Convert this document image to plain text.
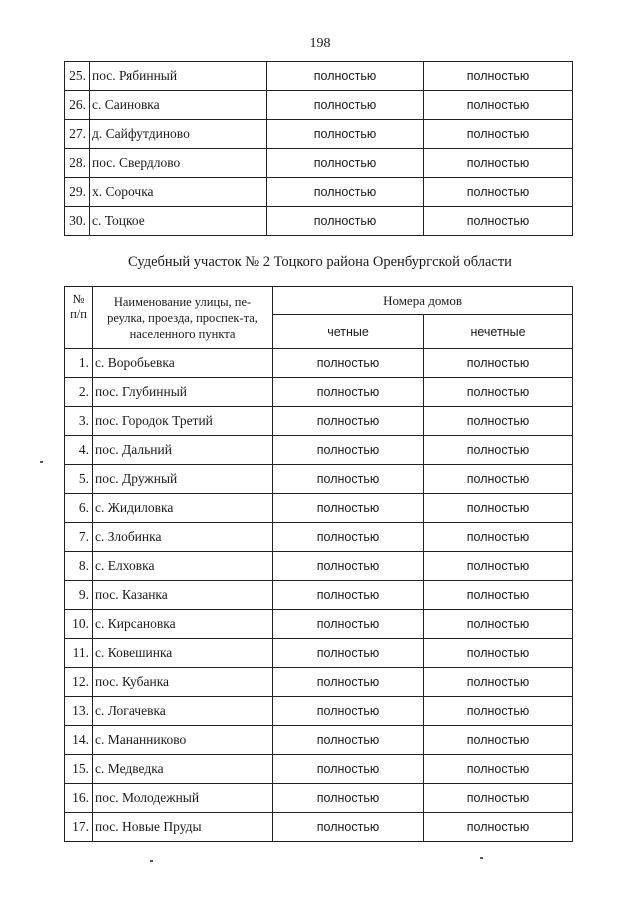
198
25.	пос. Рябинный	полностью	полностью
26.	с. Саиновка	полностью	полностью
27.	д. Сайфутдиново	полностью	полностью
28.	пос. Свердлово	полностью	полностью
29.	х. Сорочка	полностью	полностью
30.	с. Тоцкое	полностью	полностью
Судебный участок № 2 Тоцкого района Оренбургской области
№
п/п	Наименование улицы, пе-реулка, проезда, проспек-та, населенного пункта	Номера домов	
		четные	нечетные
1.	с. Воробьевка	полностью	полностью
2.	пос. Глубинный	полностью	полностью
3.	пос. Городок Третий	полностью	полностью
4.	пос. Дальний	полностью	полностью
5.	пос. Дружный	полностью	полностью
6.	с. Жидиловка	полностью	полностью
7.	с. Злобинка	полностью	полностью
8.	с. Елховка	полностью	полностью
9.	пос. Казанка	полностью	полностью
10.	с. Кирсановка	полностью	полностью
11.	с. Ковешинка	полностью	полностью
12.	пос. Кубанка	полностью	полностью
13.	с. Логачевка	полностью	полностью
14.	с. Мананниково	полностью	полностью
15.	с. Медведка	полностью	полностью
16.	пос. Молодежный	полностью	полностью
17.	пос. Новые Пруды	полностью	полностью
